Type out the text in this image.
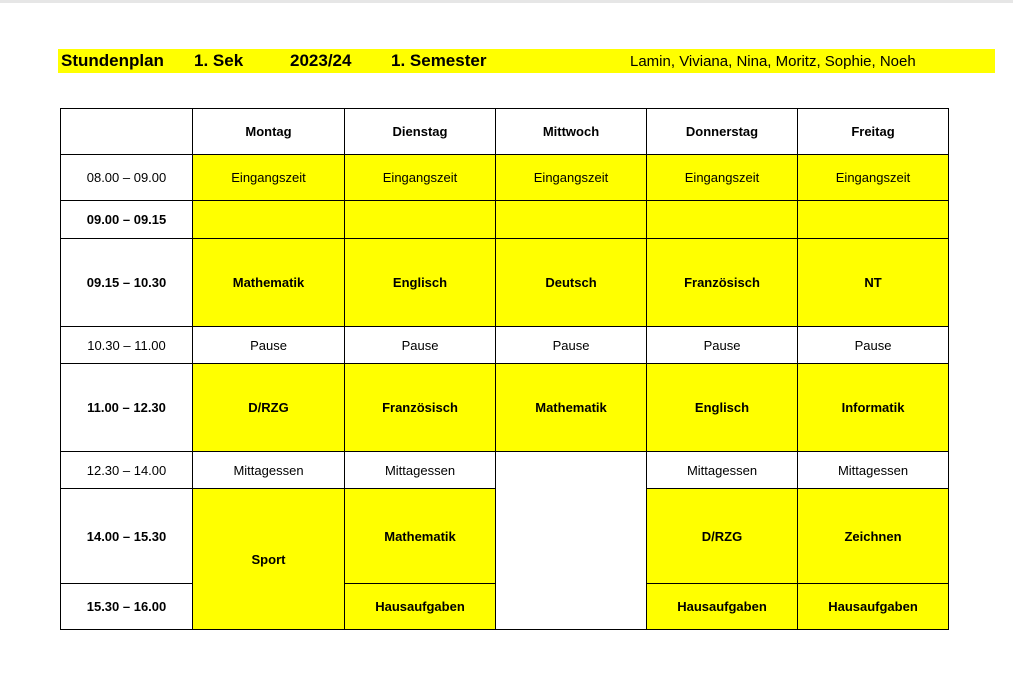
Stundenplan 1. Sek	2023/24 1. Semester	Lamin, Viviana, Nina, Moritz, Sophie, Noeh
	Montag	Dienstag	Mittwoch	Donnerstag	Freitag
08.00 – 09.00	Eingangszeit	Eingangszeit	Eingangszeit	Eingangszeit	Eingangszeit
09.00 – 09.15					
09.15 – 10.30	Mathematik	Englisch	Deutsch	Französisch	NT
10.30 – 11.00	Pause	Pause	Pause	Pause	Pause
11.00 – 12.30	D/RZG	Französisch	Mathematik	Englisch	Informatik
12.30 – 14.00	Mittagessen	Mittagessen		Mittagessen	Mittagessen
14.00 – 15.30	Sport	Mathematik		D/RZG	Zeichnen
15.30 – 16.00		Hausaufgaben		Hausaufgaben	Hausaufgaben
